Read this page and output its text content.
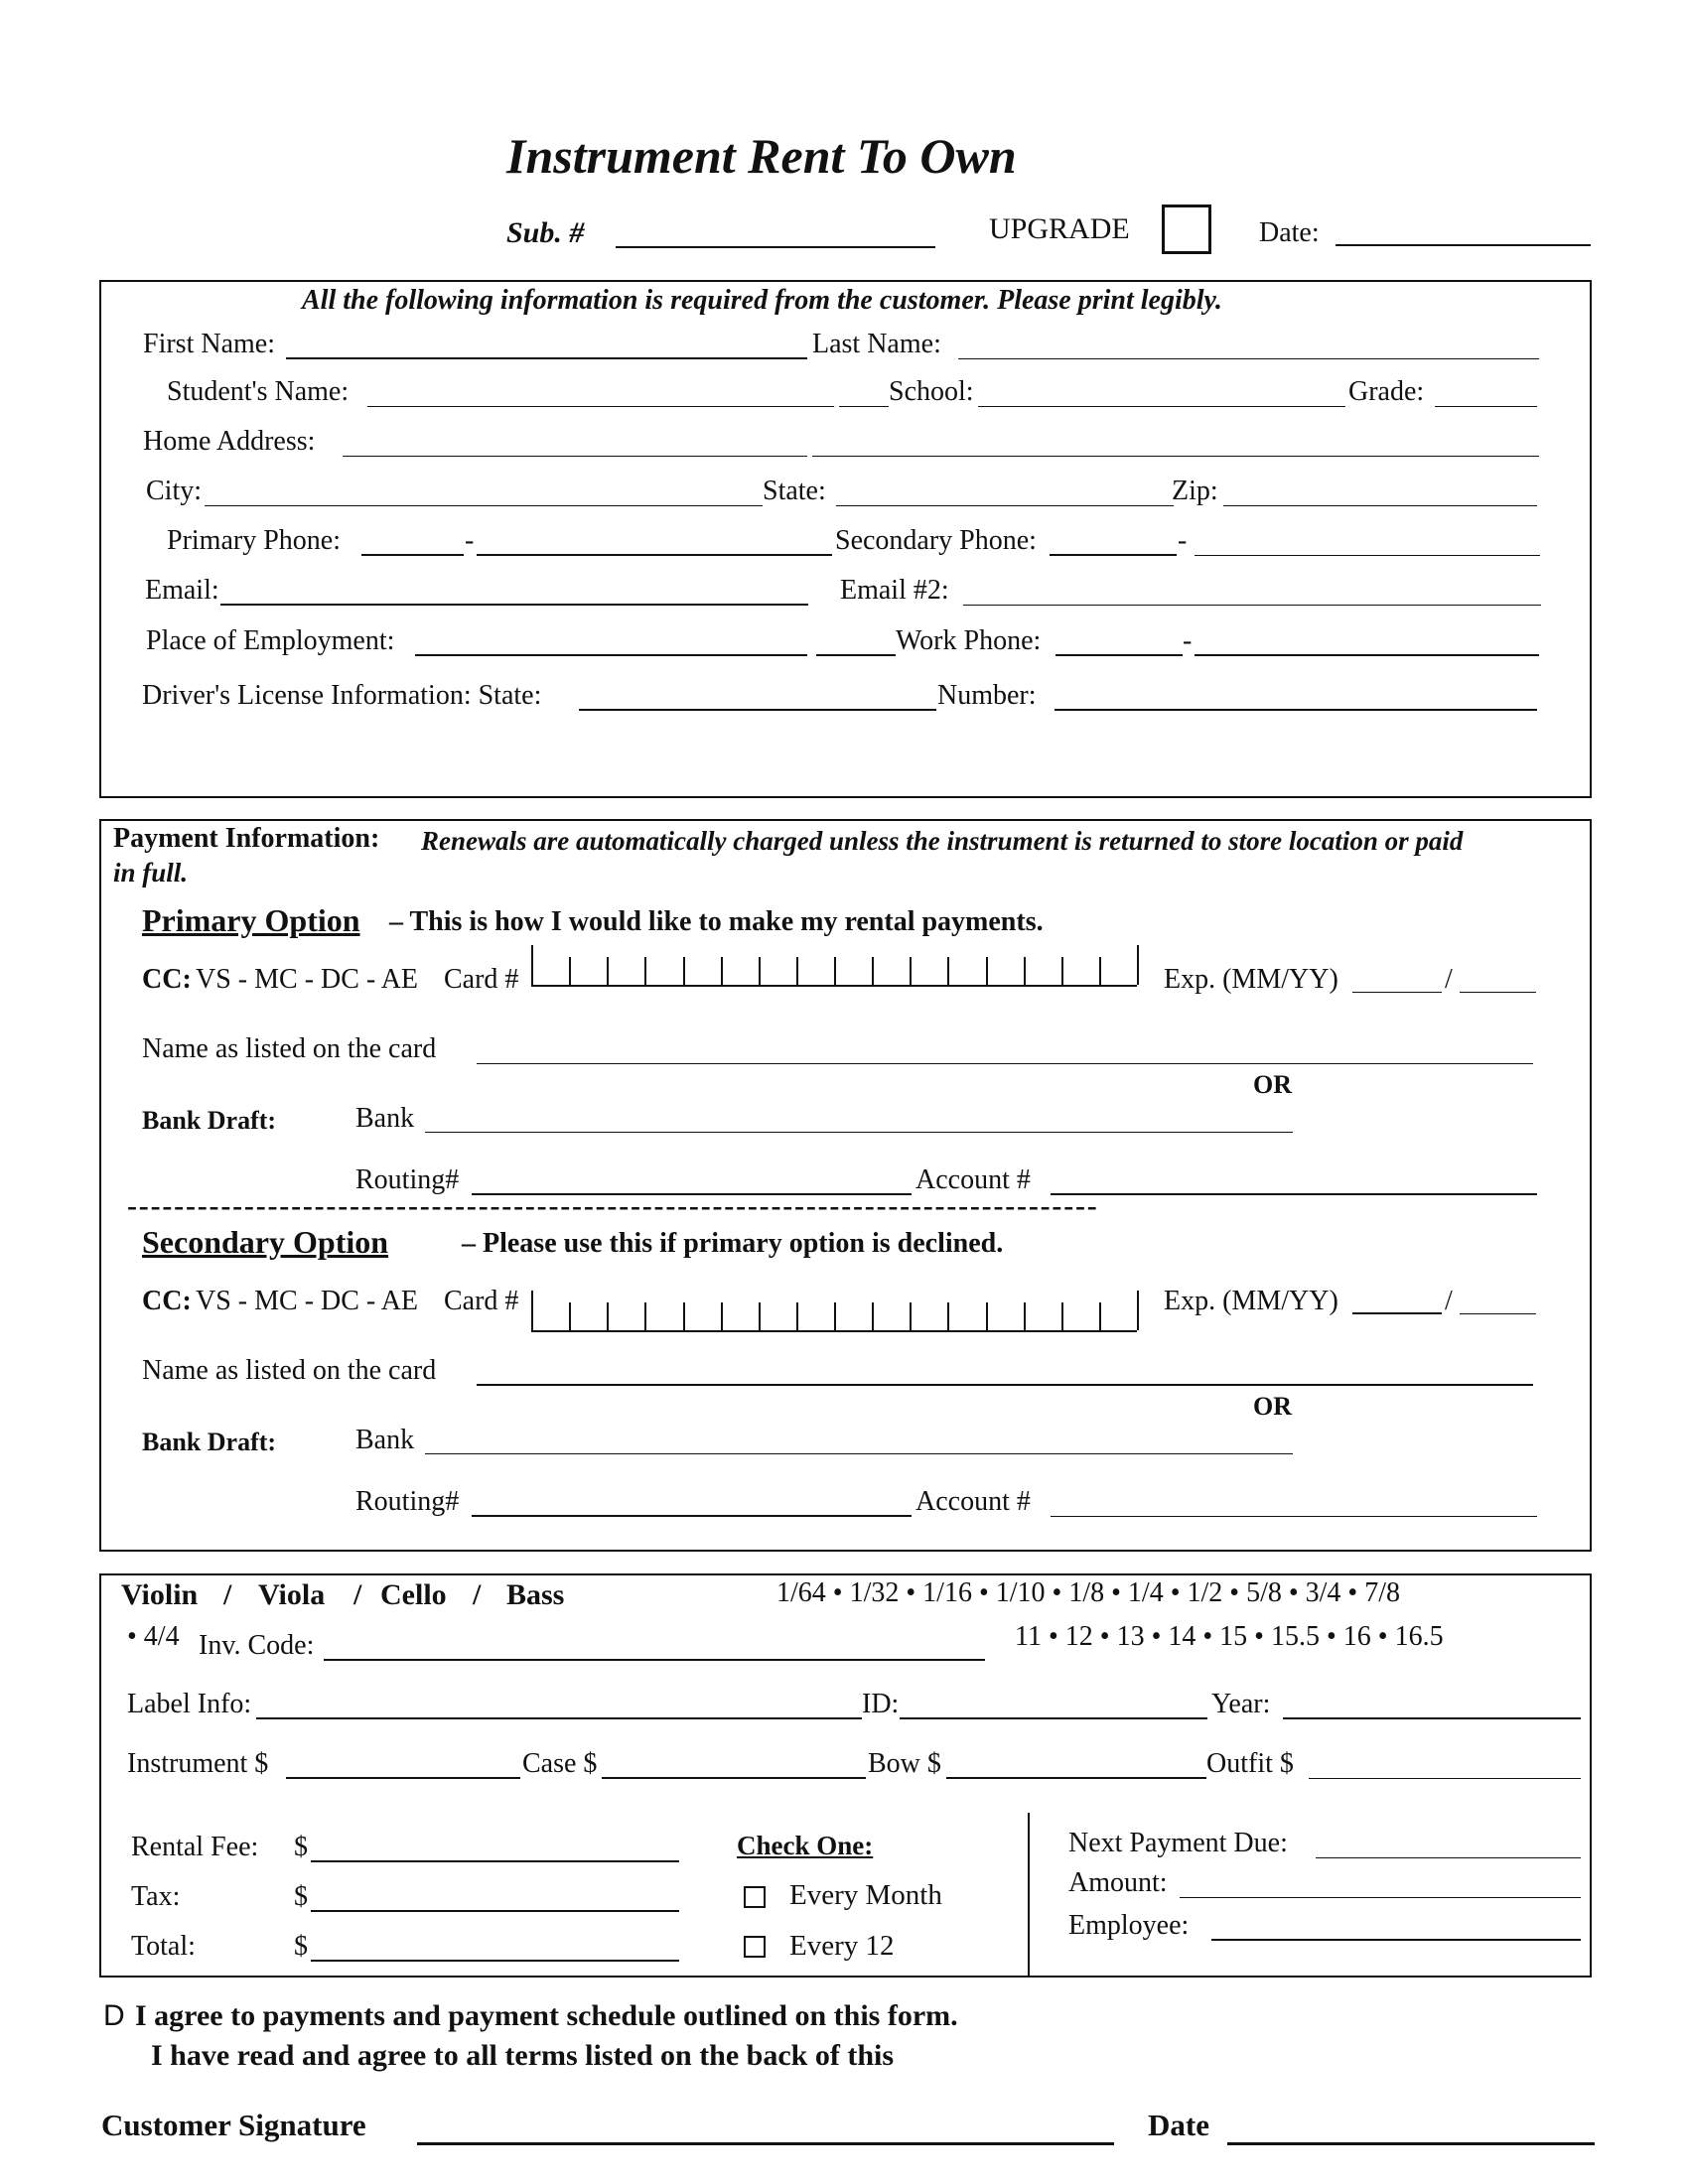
Instrument Rent To Own
Sub. #	UPGRADE	Date:
All the following information is required from the customer. Please print legibly.
First Name:	Last Name:
Student's Name:	School:	Grade:
Home Address:
City:	State:	Zip:
Primary Phone:	-	Secondary Phone:	-
Email:	Email #2:
Place of Employment:	Work Phone:	-
Driver's License Information: State:	Number:
Payment Information: Renewals are automatically charged unless the instrument is returned to store location or paid
in full.
Primary Option – This is how I would like to make my rental payments.
CC: VS - MC - DC - AE Card #	Exp. (MM/YY)	/
Name as listed on the card
OR
Bank Draft:	Bank
Routing#	Account #
-----------------------------------------------------------------------------------
Secondary Option	– Please use this if primary option is declined.
CC: VS - MC - DC - AE Card #	Exp. (MM/YY)	/
Name as listed on the card
OR
Bank Draft:	Bank
Routing#	Account #
Violin / Viola / Cello / Bass	1/64 • 1/32 • 1/16 • 1/10 • 1/8 • 1/4 • 1/2 • 5/8 • 3/4 • 7/8
• 4/4	11 • 12 • 13 • 14 • 15 • 15.5 • 16 • 16.5
Inv. Code:
Label Info:	ID:	Year:
Instrument $	Case $	Bow $	Outfit $
Rental Fee: $
Tax:	$
Total:	$
Check One:
Every Month
Every 12
Next Payment Due:
Amount:
Employee:
D I agree to payments and payment schedule outlined on this form.
I have read and agree to all terms listed on the back of this
Customer Signature	Date
